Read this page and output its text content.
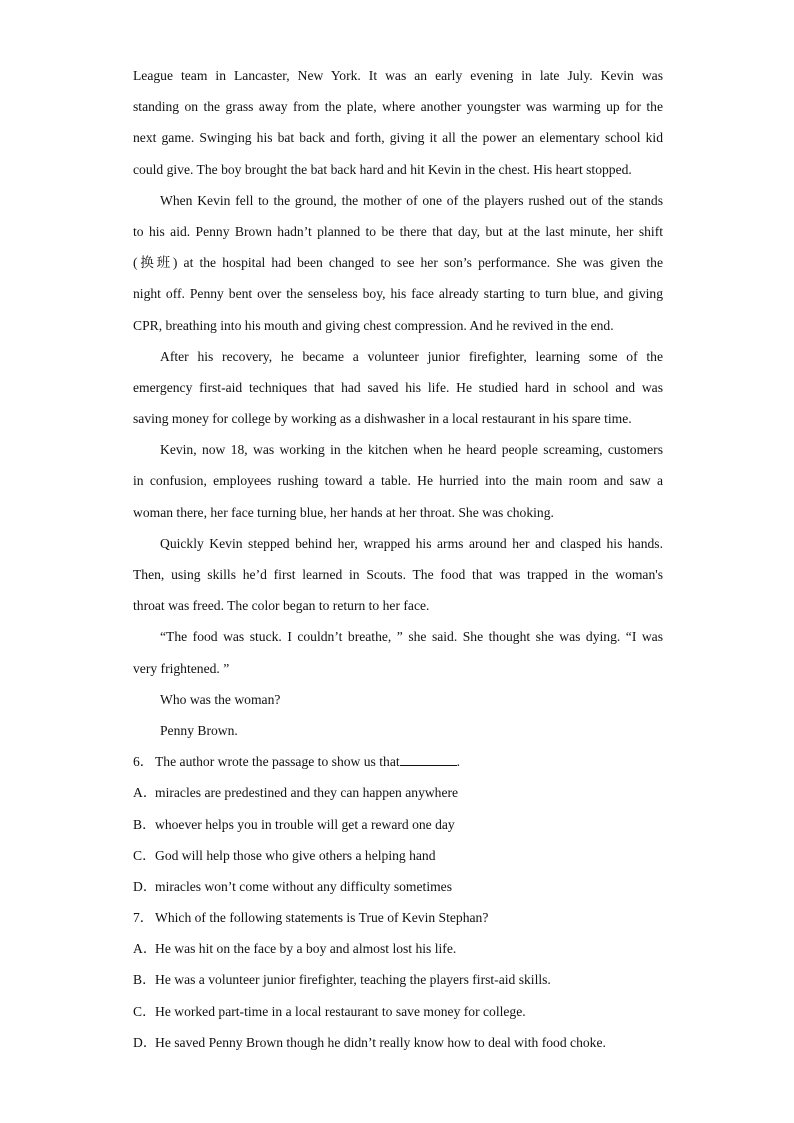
League team in Lancaster, New York. It was an early evening in late July. Kevin was
standing on the grass away from the plate, where another youngster was warming up for the
next game. Swinging his bat back and forth, giving it all the power an elementary school kid
could give. The boy brought the bat back hard and hit Kevin in the chest. His heart stopped.
When Kevin fell to the ground, the mother of one of the players rushed out of the stands
to his aid. Penny Brown hadn’t planned to be there that day, but at the last minute, her shift
(换班) at the hospital had been changed to see her son’s performance. She was given the
night off. Penny bent over the senseless boy, his face already starting to turn blue, and giving
CPR, breathing into his mouth and giving chest compression. And he revived in the end.
After his recovery, he became a volunteer junior firefighter, learning some of the
emergency first-aid techniques that had saved his life. He studied hard in school and was
saving money for college by working as a dishwasher in a local restaurant in his spare time.
Kevin, now 18, was working in the kitchen when he heard people screaming, customers
in confusion, employees rushing toward a table. He hurried into the main room and saw a
woman there, her face turning blue, her hands at her throat. She was choking.
Quickly Kevin stepped behind her, wrapped his arms around her and clasped his hands.
Then, using skills he’d first learned in Scouts. The food that was trapped in the woman's
throat was freed. The color began to return to her face.
“The food was stuck. I couldn’t breathe, ” she said. She thought she was dying. “I was
very frightened. ”
Who was the woman?
Penny Brown.
6． The author wrote the passage to show us that	.
A．miracles are predestined and they can happen anywhere
B．whoever helps you in trouble will get a reward one day
C．God will help those who give others a helping hand
D．miracles won’t come without any difficulty sometimes
7． Which of the following statements is True of Kevin Stephan?
A．He was hit on the face by a boy and almost lost his life.
B．He was a volunteer junior firefighter, teaching the players first-aid skills.
C．He worked part-time in a local restaurant to save money for college.
D．He saved Penny Brown though he didn’t really know how to deal with food choke.
